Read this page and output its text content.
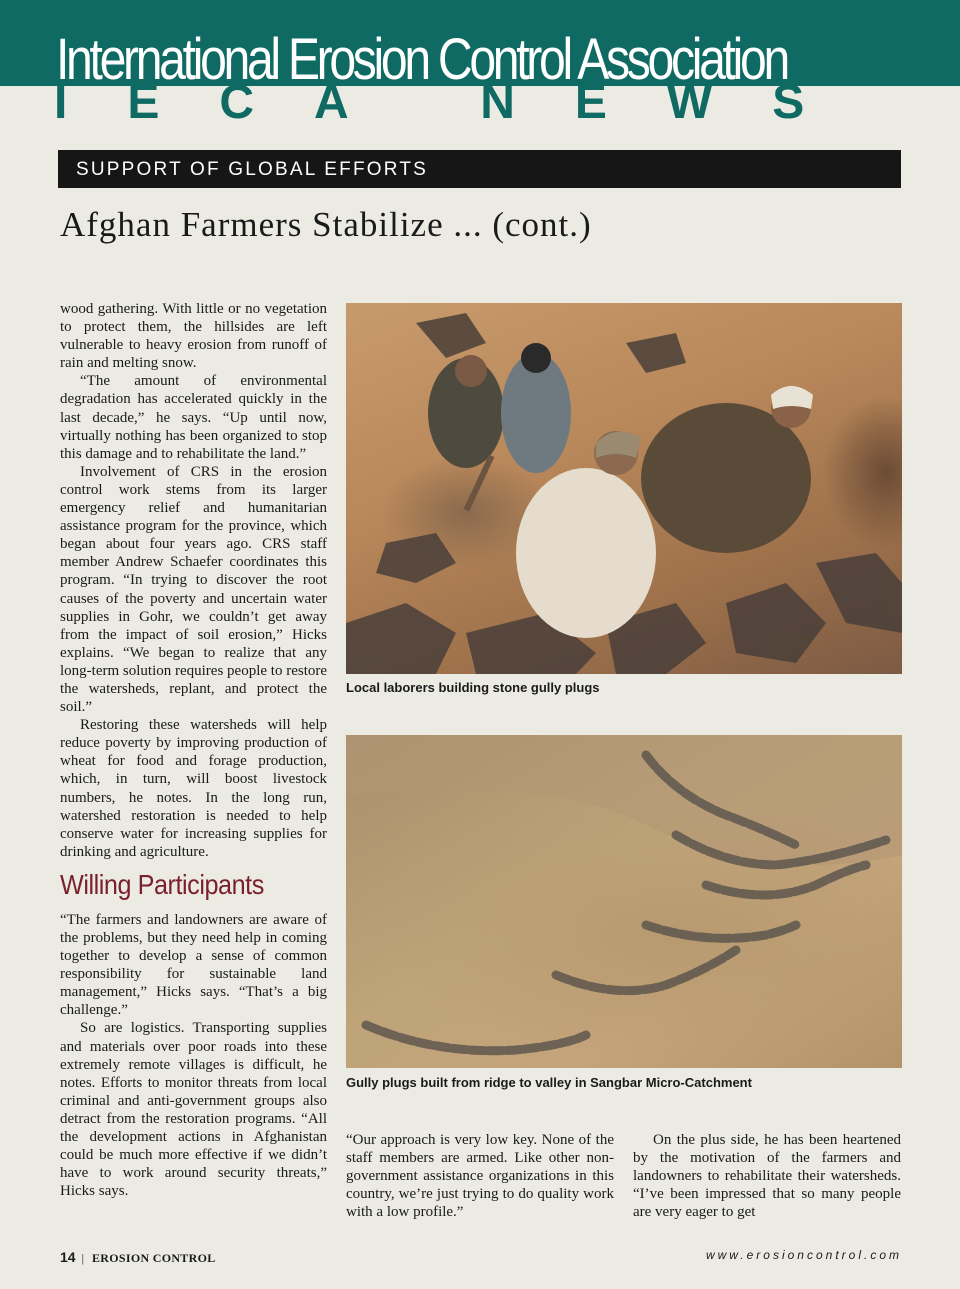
International Erosion Control Association
IECA NEWS
SUPPORT OF GLOBAL EFFORTS
Afghan Farmers Stabilize ... (cont.)

wood gathering. With little or no vegetation to protect them, the hillsides are left vulnerable to heavy erosion from runoff of rain and melting snow.

“The amount of environmental degradation has accelerated quickly in the last decade,” he says. “Up until now, virtually nothing has been organized to stop this damage and to rehabilitate the land.”

Involvement of CRS in the erosion control work stems from its larger emergency relief and humanitarian assistance program for the province, which began about four years ago. CRS staff member Andrew Schaefer coordinates this program. “In trying to discover the root causes of the poverty and uncertain water supplies in Gohr, we couldn’t get away from the impact of soil erosion,” Hicks explains. “We began to realize that any long-term solution requires people to restore the watersheds, replant, and protect the soil.”

Restoring these watersheds will help reduce poverty by improving production of wheat for food and forage production, which, in turn, will boost livestock numbers, he notes. In the long run, watershed restoration is needed to help conserve water for increasing supplies for drinking and agriculture.

Willing Participants

“The farmers and landowners are aware of the problems, but they need help in coming together to develop a sense of common responsibility for sustainable land management,” Hicks says. “That’s a big challenge.”

So are logistics. Transporting supplies and materials over poor roads into these extremely remote villages is difficult, he notes. Efforts to monitor threats from local criminal and anti-government groups also detract from the restoration programs. “All the development actions in Afghanistan could be much more effective if we didn’t have to work around security threats,” Hicks says.

Local laborers building stone gully plugs
Gully plugs built from ridge to valley in Sangbar Micro-Catchment

“Our approach is very low key. None of the staff members are armed. Like other non-government assistance organizations in this country, we’re just trying to do quality work with a low profile.”

On the plus side, he has been heartened by the motivation of the farmers and landowners to rehabilitate their watersheds. “I’ve been impressed that so many people are very eager to get

14 | EROSION CONTROL	www.erosioncontrol.com
